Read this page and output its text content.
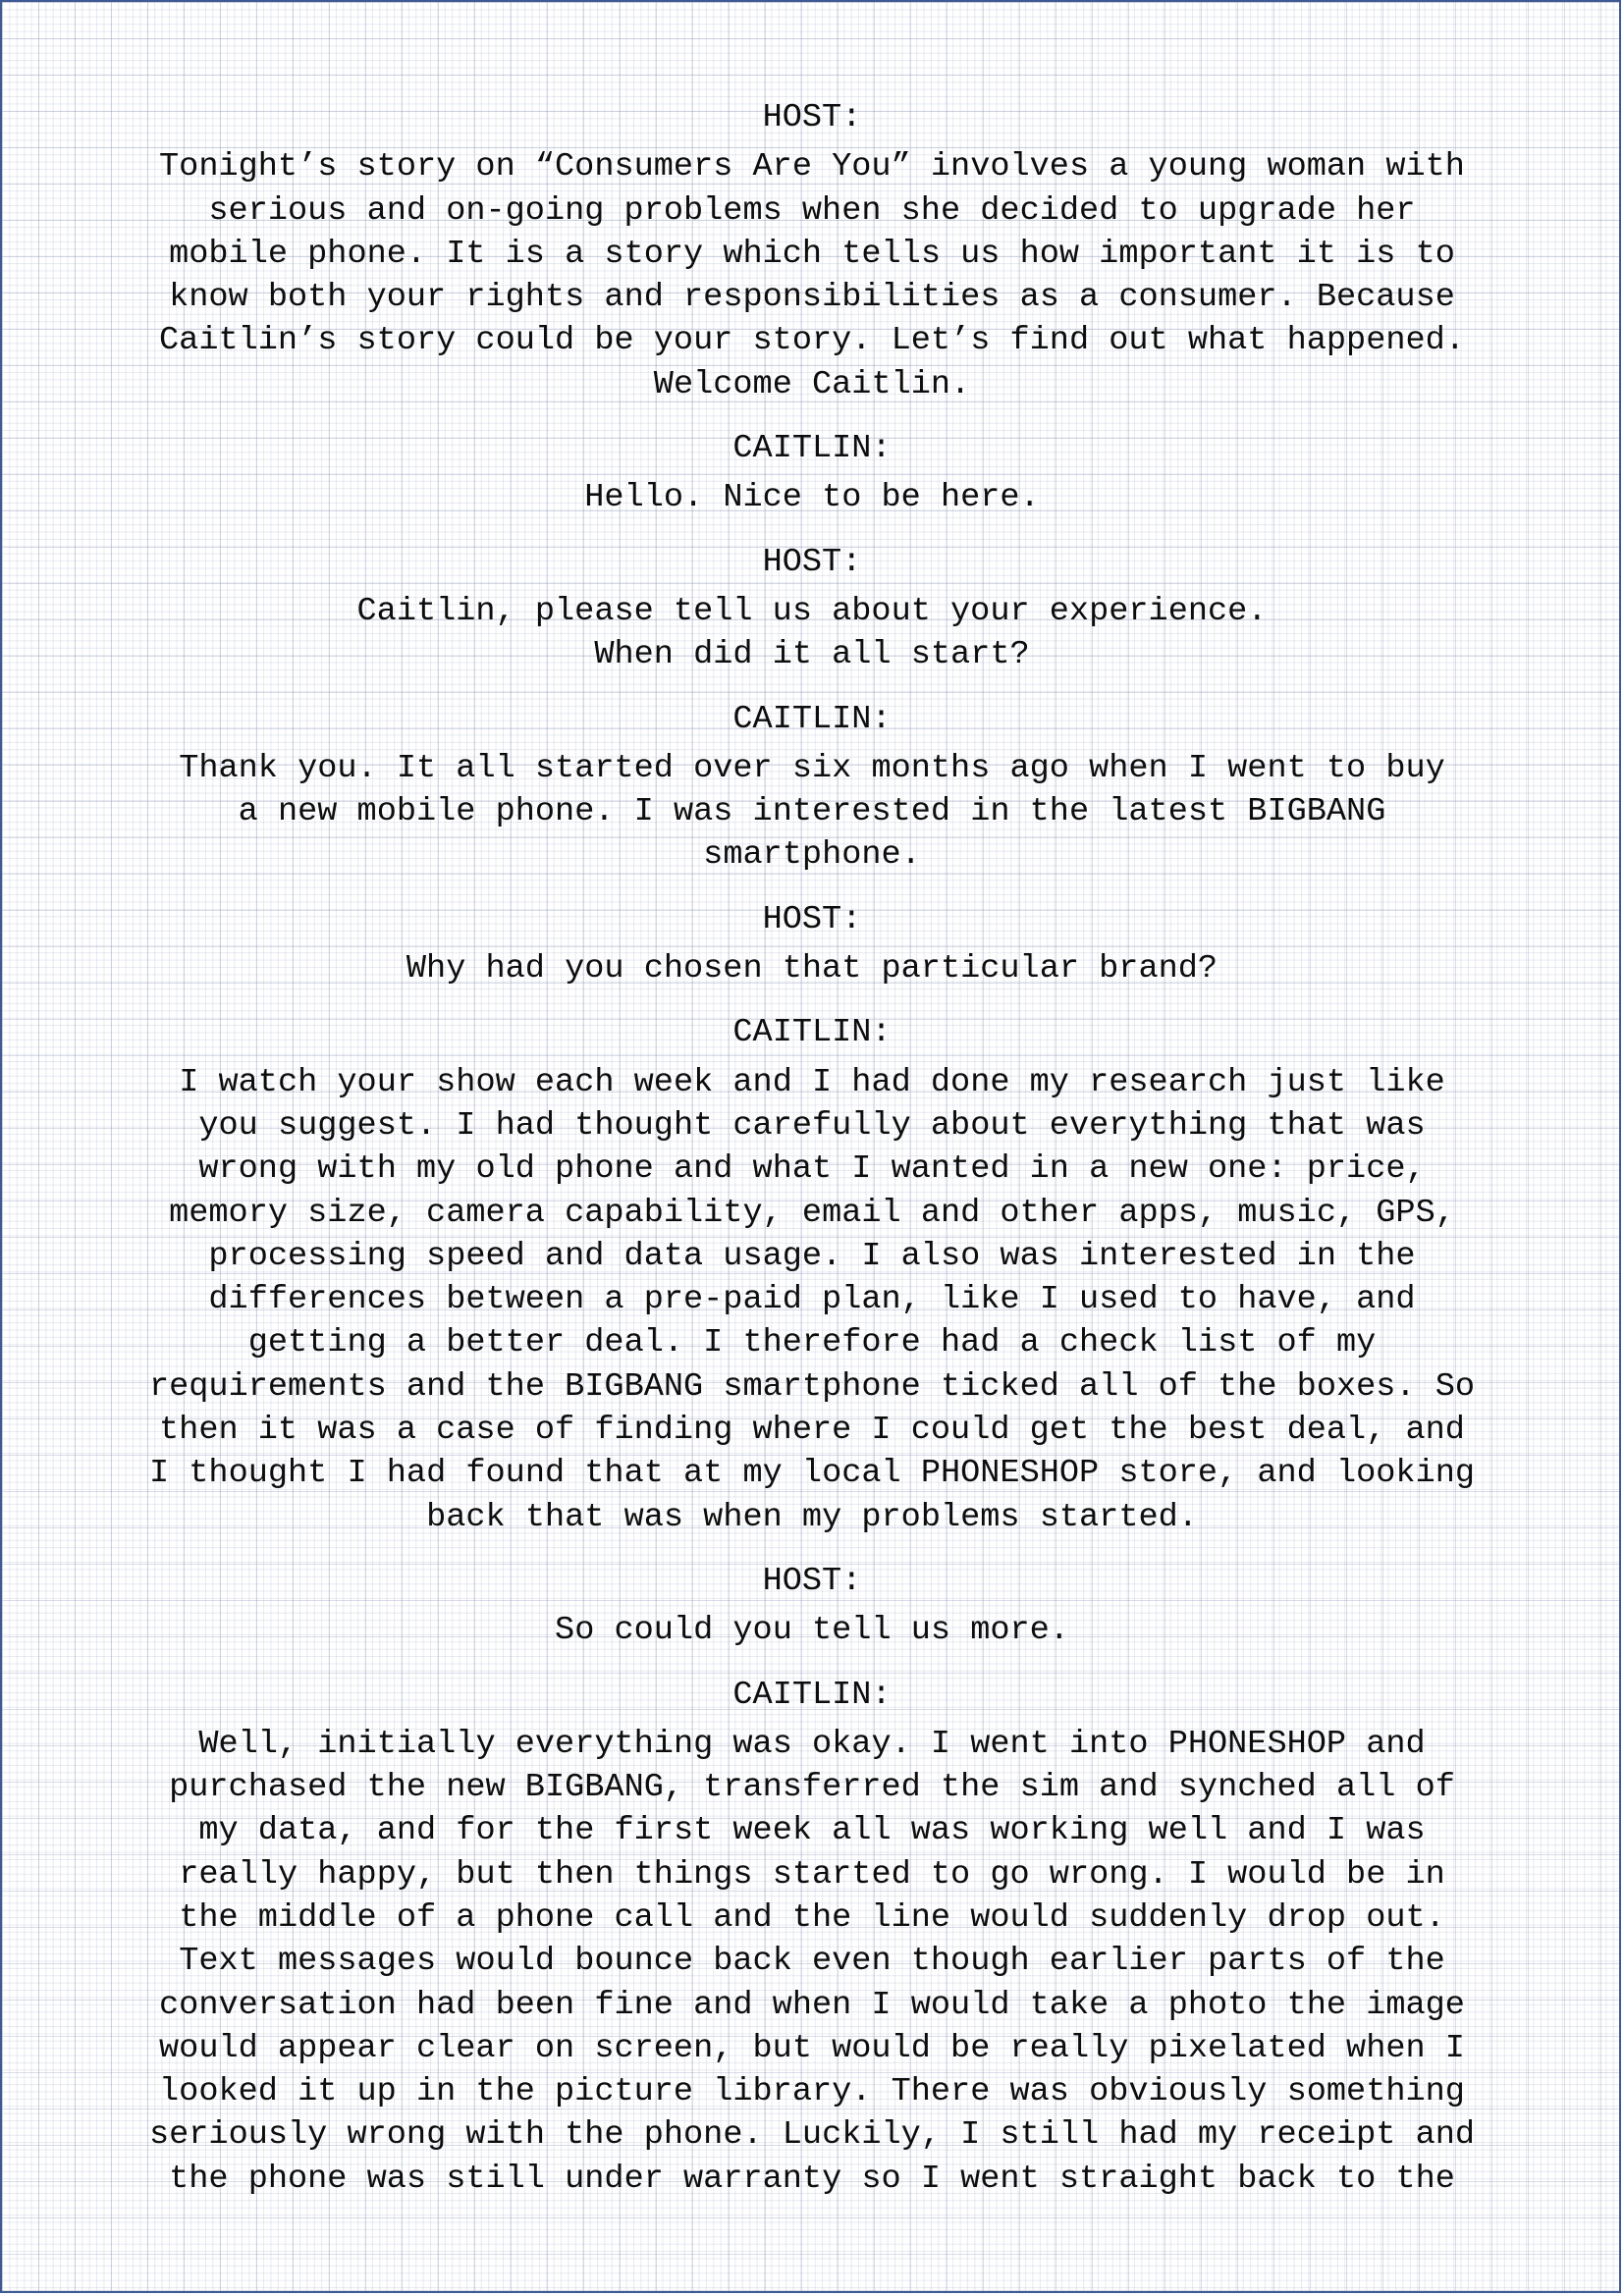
HOST:
Tonight’s story on “Consumers Are You” involves a young woman with
serious and on-going problems when she decided to upgrade her
mobile phone. It is a story which tells us how important it is to
know both your rights and responsibilities as a consumer. Because
Caitlin’s story could be your story. Let’s find out what happened.
Welcome Caitlin.
CAITLIN:
Hello. Nice to be here.
HOST:
Caitlin, please tell us about your experience.
When did it all start?
CAITLIN:
Thank you. It all started over six months ago when I went to buy
a new mobile phone. I was interested in the latest BIGBANG
smartphone.
HOST:
Why had you chosen that particular brand?
CAITLIN:
I watch your show each week and I had done my research just like
you suggest. I had thought carefully about everything that was
wrong with my old phone and what I wanted in a new one: price,
memory size, camera capability, email and other apps, music, GPS,
processing speed and data usage. I also was interested in the
differences between a pre-paid plan, like I used to have, and
getting a better deal. I therefore had a check list of my
requirements and the BIGBANG smartphone ticked all of the boxes. So
then it was a case of finding where I could get the best deal, and
I thought I had found that at my local PHONESHOP store, and looking
back that was when my problems started.
HOST:
So could you tell us more.
CAITLIN:
Well, initially everything was okay. I went into PHONESHOP and
purchased the new BIGBANG, transferred the sim and synched all of
my data, and for the first week all was working well and I was
really happy, but then things started to go wrong. I would be in
the middle of a phone call and the line would suddenly drop out.
Text messages would bounce back even though earlier parts of the
conversation had been fine and when I would take a photo the image
would appear clear on screen, but would be really pixelated when I
looked it up in the picture library. There was obviously something
seriously wrong with the phone. Luckily, I still had my receipt and
the phone was still under warranty so I went straight back to the
